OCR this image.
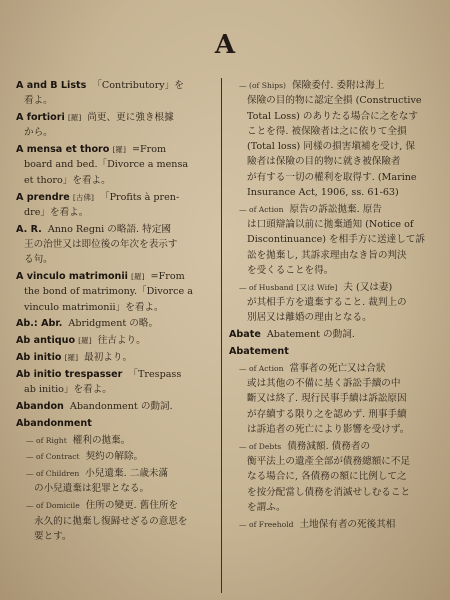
A
A and B Lists 「Contributory」を
看よ。
A fortiori [羅] 尚更、更に強き根據
から。
A mensa et thoro [羅] =From
board and bed.「Divorce a mensa
et thoro」を看よ。
A prendre [古佛] 「Profits à pren-
dre」を看よ。
A. R. Anno Regni の略語. 特定國
王の治世又は即位後の年次を表示す
る句。
A vinculo matrimonii [羅] =From
the bond of matrimony.「Divorce a
vinculo matrimonii」を看よ。
Ab.: Abr. Abridgment の略。
Ab antiquo [羅] 往古より。
Ab initio [羅] 最初より。
Ab initio trespasser 「Trespass
ab initio」を看よ。
Abandon Abandonment の動詞.
Abandonment
— of Right 權利の拋棄。
— of Contract 契約の解除。
— of Children 小兒遺棄. 二歳未滿
の小兒遺棄は犯罪となる。
— of Domicile 住所の變更. 舊住所を
永久的に拋棄し復歸せざるの意思を
要とす。
— (of Ships) 保險委付. 委附は海上
保險の目的物に認定全損 (Constructive
Total Loss) のありたる場合に之をなす
ことを得. 被保險者は之に依りて全損
(Total loss) 同樣の損害塡補を受け, 保
險者は保險の目的物に就き被保險者
が有する一切の權利を取得す. (Marine
Insurance Act, 1906, ss. 61-63)
— of Action 原告の訴訟拋棄. 原告
は口頭辯論以前に拋棄通知 (Notice of
Discontinuance) を相手方に送達して訴
訟を拋棄し, 其訴求理由なき旨の判決
を受くることを得。
— of Husband [又は Wife] 夫 (又は妻)
が其相手方を遺棄すること. 裁判上の
別居又は離婚の理由となる。
Abate Abatement の動詞.
Abatement
— of Action 當事者の死亡又は合狀
或は其他の不備に基く訴訟手續の中
斷又は終了. 現行民事手續は訴訟原因
が存續する限り之を認めず. 刑事手續
は訴追者の死亡により影響を受けず。
— of Debts 債務減額. 債務者の
衡平法上の遺產全部が債務總額に不足
なる場合に, 各債務の額に比例して之
を按分配當し債務を消滅せしむること
を謂ふ。
— of Freehold 土地保有者の死後其相
